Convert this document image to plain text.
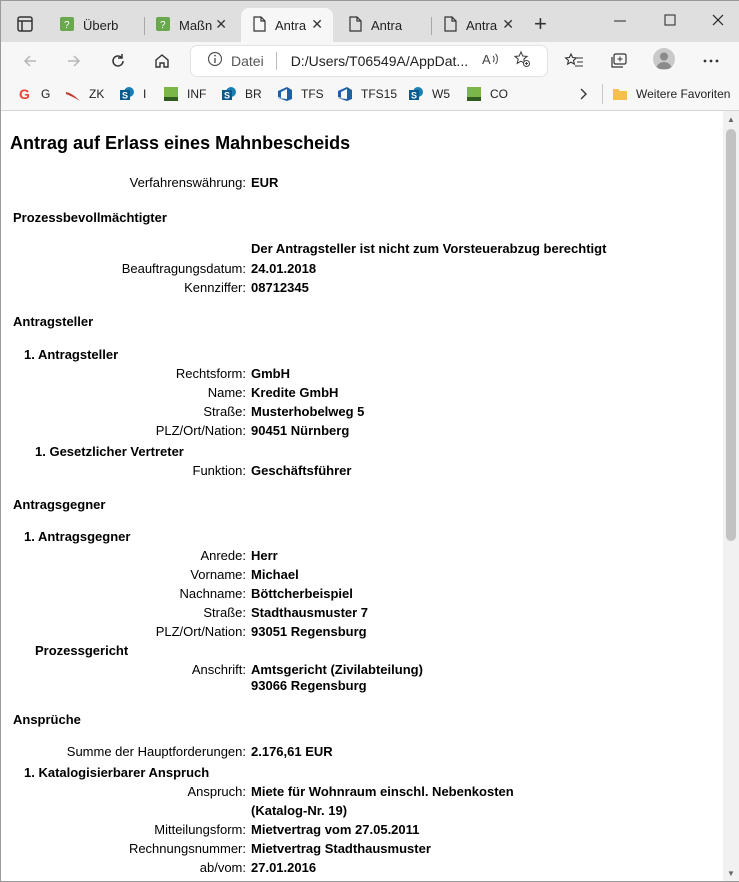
? Überb	? Maßn ✕	Antra ✕	Antra	Antra ✕ +
Datei D:/Users/T06549A/AppDat... A
G G	ZK S I	INF S BR	TFS	TFS15 S W5	CO	Weitere Favoriten
Antrag auf Erlass eines Mahnbescheids
Verfahrenswährung: EUR
Prozessbevollmächtigter
Der Antragsteller ist nicht zum Vorsteuerabzug berechtigt
Beauftragungsdatum: 24.01.2018
Kennziffer: 08712345
Antragsteller
1. Antragsteller
Rechtsform: GmbH
Name: Kredite GmbH
Straße: Musterhobelweg 5
PLZ/Ort/Nation: 90451 Nürnberg
1. Gesetzlicher Vertreter
Funktion: Geschäftsführer
Antragsgegner
1. Antragsgegner
Anrede: Herr
Vorname: Michael
Nachname: Böttcherbeispiel
Straße: Stadthausmuster 7
PLZ/Ort/Nation: 93051 Regensburg
Prozessgericht
Anschrift: Amtsgericht (Zivilabteilung)
93066 Regensburg
Ansprüche
Summe der Hauptforderungen: 2.176,61 EUR
1. Katalogisierbarer Anspruch
Anspruch: Miete für Wohnraum einschl. Nebenkosten
(Katalog-Nr. 19)
Mitteilungsform: Mietvertrag vom 27.05.2011
Rechnungsnummer: Mietvertrag Stadthausmuster
ab/vom: 27.01.2016
▲
▼
